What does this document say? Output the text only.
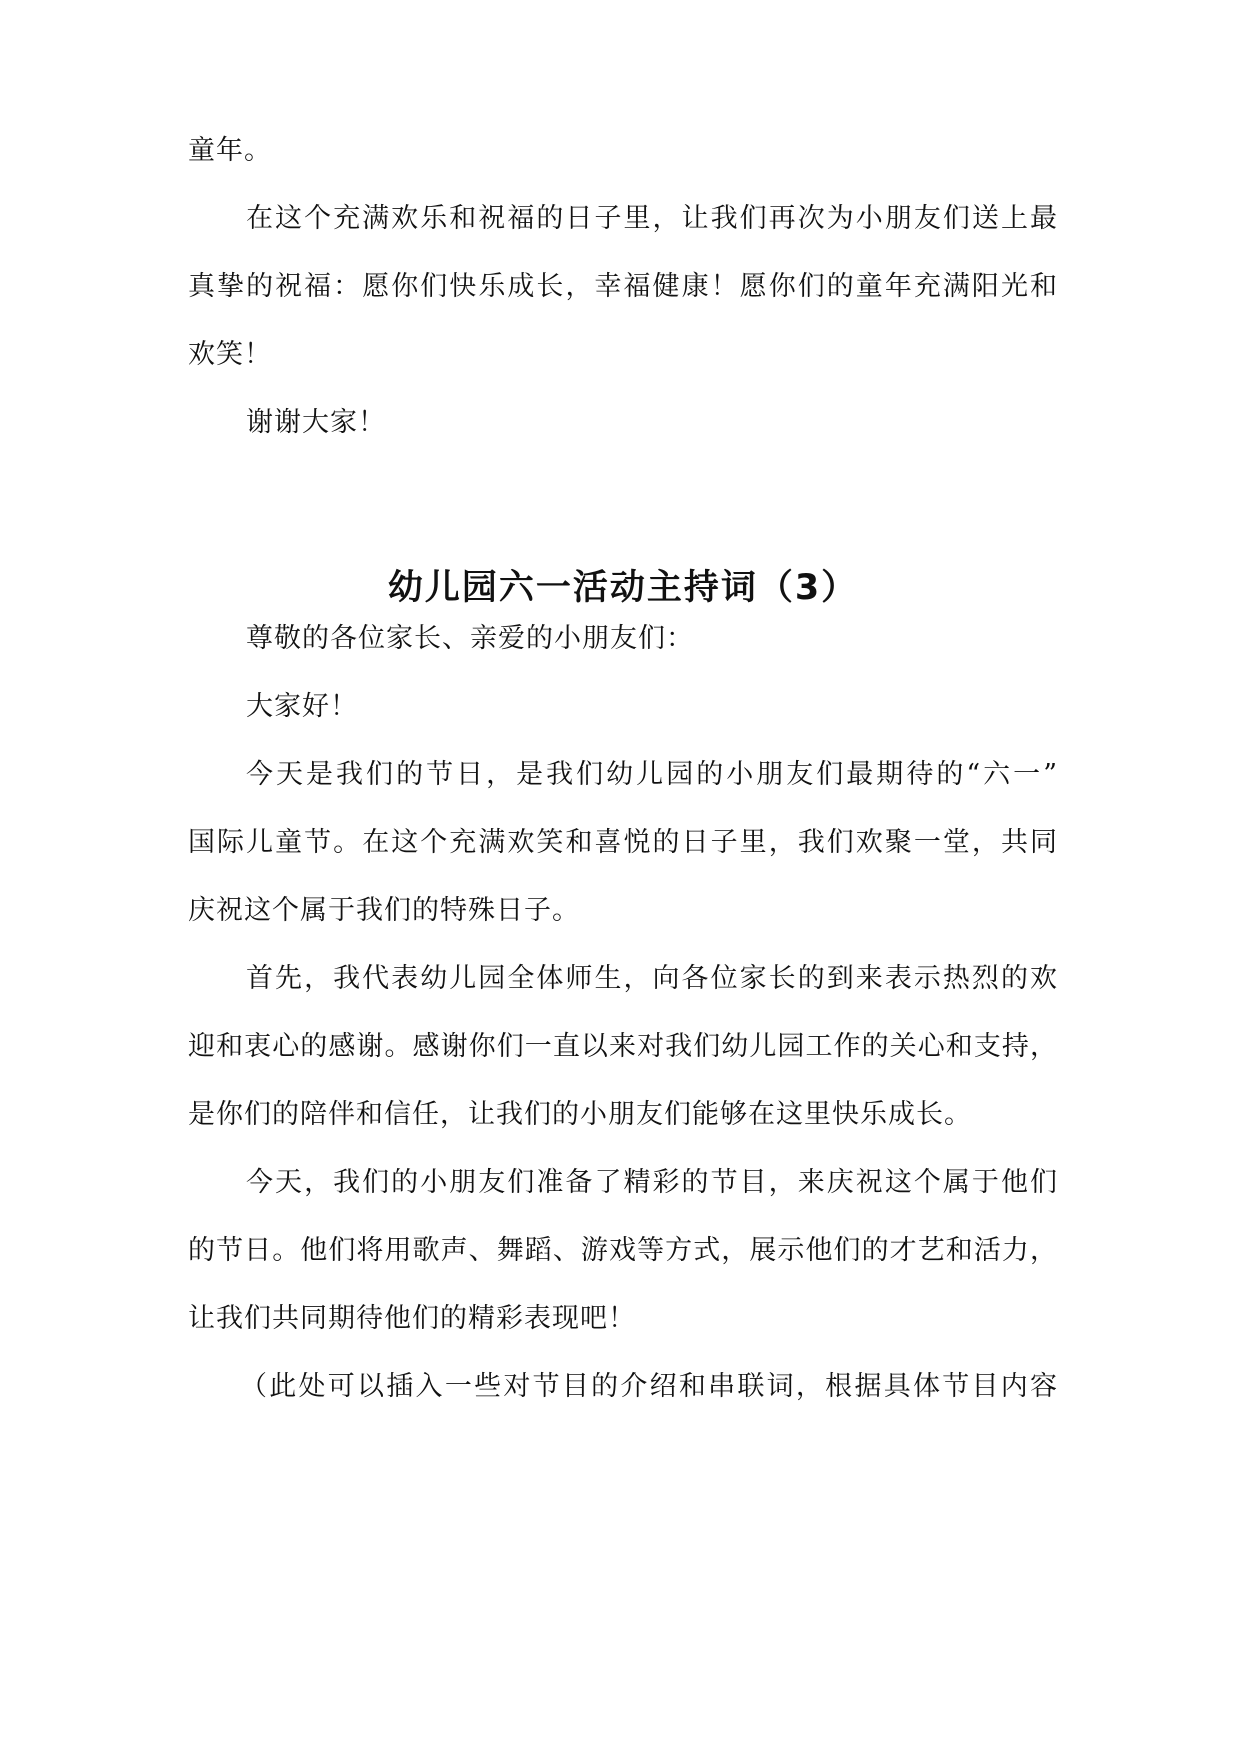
童年。
在这个充满欢乐和祝福的日子里，让我们再次为小朋友们送上最
真挚的祝福：愿你们快乐成长，幸福健康！愿你们的童年充满阳光和
欢笑！
谢谢大家！
幼儿园六一活动主持词（3）
尊敬的各位家长、亲爱的小朋友们：
大家好！
今天是我们的节日，是我们幼儿园的小朋友们最期待的“六一”
国际儿童节。在这个充满欢笑和喜悦的日子里，我们欢聚一堂，共同
庆祝这个属于我们的特殊日子。
首先，我代表幼儿园全体师生，向各位家长的到来表示热烈的欢
迎和衷心的感谢。感谢你们一直以来对我们幼儿园工作的关心和支持，
是你们的陪伴和信任，让我们的小朋友们能够在这里快乐成长。
今天，我们的小朋友们准备了精彩的节目，来庆祝这个属于他们
的节日。他们将用歌声、舞蹈、游戏等方式，展示他们的才艺和活力，
让我们共同期待他们的精彩表现吧！
（此处可以插入一些对节目的介绍和串联词，根据具体节目内容
